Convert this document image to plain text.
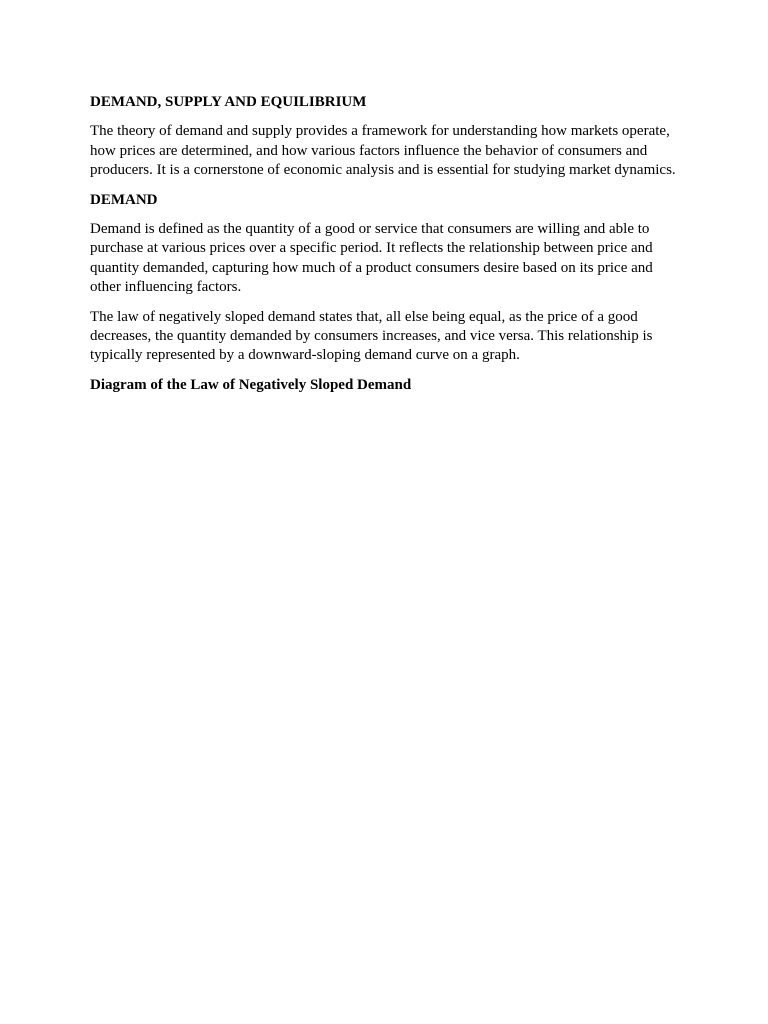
DEMAND, SUPPLY AND EQUILIBRIUM

The theory of demand and supply provides a framework for understanding how markets operate, how prices are determined, and how various factors influence the behavior of consumers and producers. It is a cornerstone of economic analysis and is essential for studying market dynamics.

DEMAND

Demand is defined as the quantity of a good or service that consumers are willing and able to purchase at various prices over a specific period. It reflects the relationship between price and quantity demanded, capturing how much of a product consumers desire based on its price and other influencing factors.

The law of negatively sloped demand states that, all else being equal, as the price of a good decreases, the quantity demanded by consumers increases, and vice versa. This relationship is typically represented by a downward-sloping demand curve on a graph.

Diagram of the Law of Negatively Sloped Demand
